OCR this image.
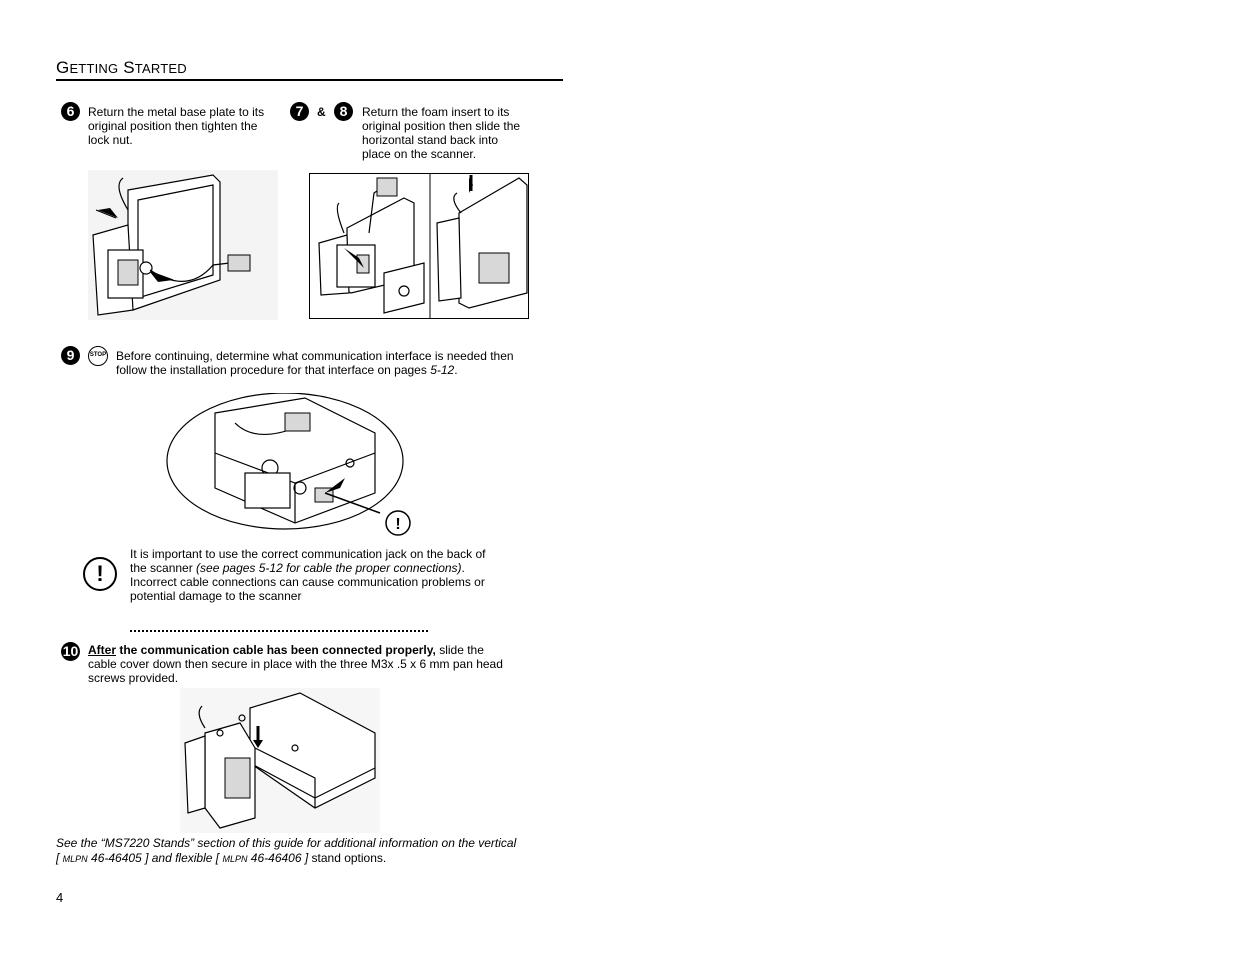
GETTING STARTED
6	Return the metal base plate to its original position then tighten the lock nut.
7	& 8	Return the foam insert to its original position then slide the horizontal stand back into place on the scanner.
9	STOP Before continuing, determine what communication interface is needed then follow the installation procedure for that interface on pages 5-12.
!
!
It is important to use the correct communication jack on the back of the scanner (see pages 5-12 for cable the proper connections). Incorrect cable connections can cause communication problems or potential damage to the scanner
10 After the communication cable has been connected properly, slide the cable cover down then secure in place with the three M3x .5 x 6 mm pan head screws provided.
See the “MS7220 Stands” section of this guide for additional information on the vertical
[ MLPN 46-46405 ] and flexible [ MLPN 46-46406 ] stand options.
4
